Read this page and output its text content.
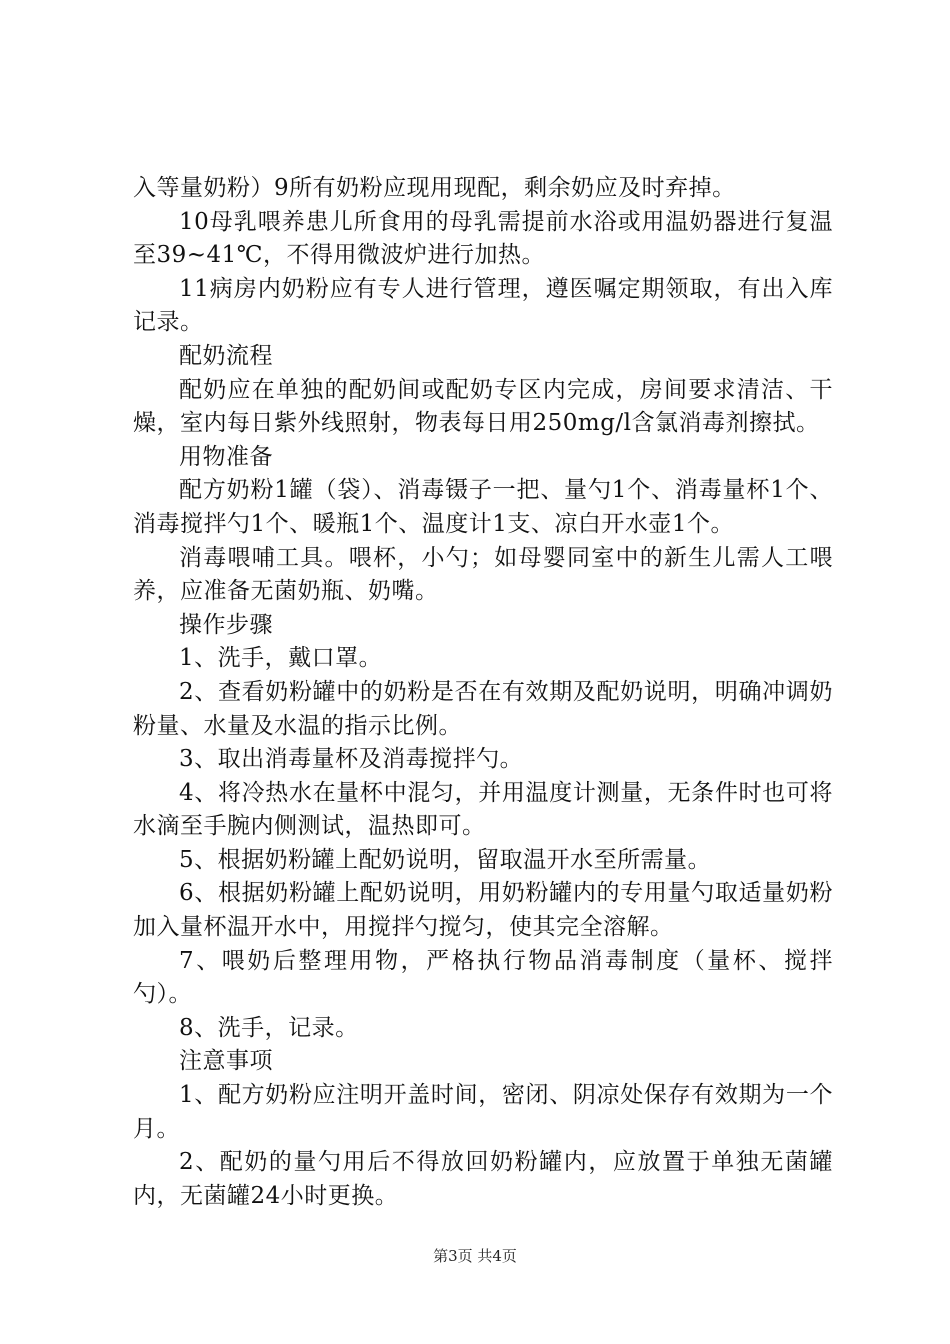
入等量奶粉）9所有奶粉应现用现配，剩余奶应及时弃掉。

10母乳喂养患儿所食用的母乳需提前水浴或用温奶器进行复温至39~41℃，不得用微波炉进行加热。

11病房内奶粉应有专人进行管理，遵医嘱定期领取，有出入库记录。

配奶流程

配奶应在单独的配奶间或配奶专区内完成，房间要求清洁、干燥，室内每日紫外线照射，物表每日用250mg/l含氯消毒剂擦拭。

用物准备

配方奶粉1罐（袋）、消毒镊子一把、量勺1个、消毒量杯1个、消毒搅拌勺1个、暖瓶1个、温度计1支、凉白开水壶1个。

消毒喂哺工具。喂杯，小勺；如母婴同室中的新生儿需人工喂养，应准备无菌奶瓶、奶嘴。

操作步骤

1、洗手，戴口罩。

2、查看奶粉罐中的奶粉是否在有效期及配奶说明，明确冲调奶粉量、水量及水温的指示比例。

3、取出消毒量杯及消毒搅拌勺。

4、将冷热水在量杯中混匀，并用温度计测量，无条件时也可将水滴至手腕内侧测试，温热即可。

5、根据奶粉罐上配奶说明，留取温开水至所需量。

6、根据奶粉罐上配奶说明，用奶粉罐内的专用量勺取适量奶粉加入量杯温开水中，用搅拌勺搅匀，使其完全溶解。

7、喂奶后整理用物，严格执行物品消毒制度（量杯、搅拌勺）。

8、洗手，记录。

注意事项

1、配方奶粉应注明开盖时间，密闭、阴凉处保存有效期为一个月。

2、配奶的量勺用后不得放回奶粉罐内，应放置于单独无菌罐内，无菌罐24小时更换。

第3页 共4页
